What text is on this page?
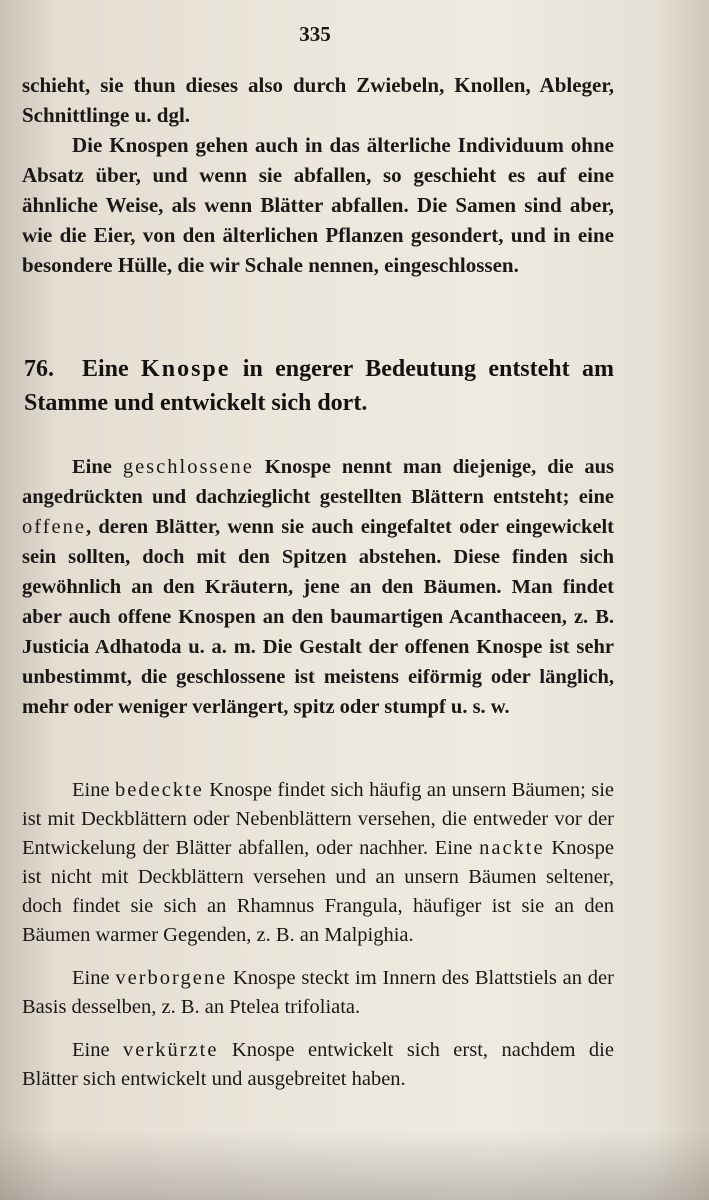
335

schieht, sie thun dieses also durch Zwiebeln, Knollen, Ableger, Schnittlinge u. dgl.

Die Knospen gehen auch in das älterliche Individuum ohne Absatz über, und wenn sie abfallen, so geschieht es auf eine ähnliche Weise, als wenn Blätter abfallen. Die Samen sind aber, wie die Eier, von den älterlichen Pflanzen gesondert, und in eine besondere Hülle, die wir Schale nennen, eingeschlossen.

76. Eine Knospe in engerer Bedeutung entsteht am Stamme und entwickelt sich dort.

Eine geschlossene Knospe nennt man diejenige, die aus angedrückten und dachzieglicht gestellten Blättern entsteht; eine offene, deren Blätter, wenn sie auch eingefaltet oder eingewickelt sein sollten, doch mit den Spitzen abstehen. Diese finden sich gewöhnlich an den Kräutern, jene an den Bäumen. Man findet aber auch offene Knospen an den baumartigen Acanthaceen, z. B. Justicia Adhatoda u. a. m. Die Gestalt der offenen Knospe ist sehr unbestimmt, die geschlossene ist meistens eiförmig oder länglich, mehr oder weniger verlängert, spitz oder stumpf u. s. w.

Eine bedeckte Knospe findet sich häufig an unsern Bäumen; sie ist mit Deckblättern oder Nebenblättern versehen, die entweder vor der Entwickelung der Blätter abfallen, oder nachher. Eine nackte Knospe ist nicht mit Deckblättern versehen und an unsern Bäumen seltener, doch findet sie sich an Rhamnus Frangula, häufiger ist sie an den Bäumen warmer Gegenden, z. B. an Malpighia.

Eine verborgene Knospe steckt im Innern des Blattstiels an der Basis desselben, z. B. an Ptelea trifoliata.

Eine verkürzte Knospe entwickelt sich erst, nachdem die Blätter sich entwickelt und ausgebreitet haben.
